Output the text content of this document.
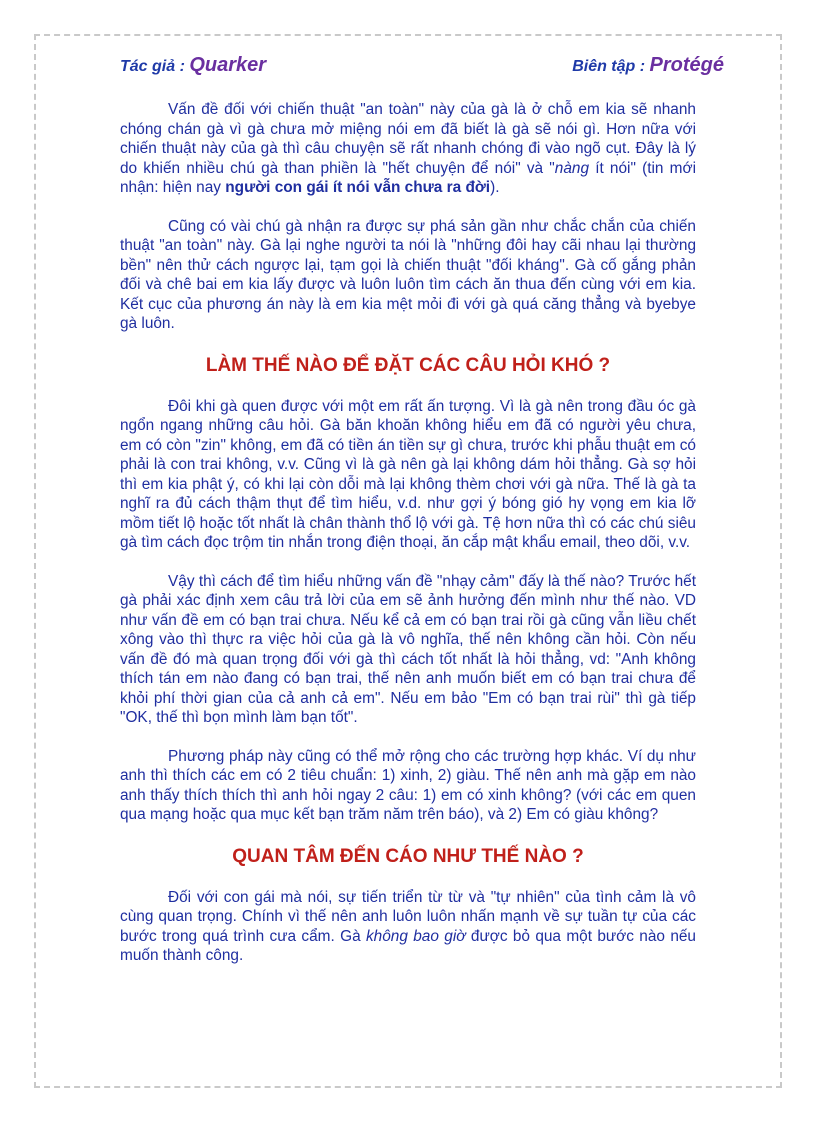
Tác giả : Quarker	Biên tập : Protégé

Vấn đề đối với chiến thuật "an toàn" này của gà là ở chỗ em kia sẽ nhanh chóng chán gà vì gà chưa mở miệng nói em đã biết là gà sẽ nói gì. Hơn nữa với chiến thuật này của gà thì câu chuyện sẽ rất nhanh chóng đi vào ngõ cụt. Đây là lý do khiến nhiều chú gà than phiền là "hết chuyện để nói" và "nàng ít nói" (tin mới nhận: hiện nay người con gái ít nói vẫn chưa ra đời).

Cũng có vài chú gà nhận ra được sự phá sản gần như chắc chắn của chiến thuật "an toàn" này. Gà lại nghe người ta nói là "những đôi hay cãi nhau lại thường bền" nên thử cách ngược lại, tạm gọi là chiến thuật "đối kháng". Gà cố gắng phản đối và chê bai em kia lấy được và luôn luôn tìm cách ăn thua đến cùng với em kia. Kết cục của phương án này là em kia mệt mỏi đi với gà quá căng thẳng và byebye gà luôn.

LÀM THẾ NÀO ĐỂ ĐẶT CÁC CÂU HỎI KHÓ ?

Đôi khi gà quen được với một em rất ấn tượng. Vì là gà nên trong đầu óc gà ngổn ngang những câu hỏi. Gà băn khoăn không hiểu em đã có người yêu chưa, em có còn "zin" không, em đã có tiền án tiền sự gì chưa, trước khi phẫu thuật em có phải là con trai không, v.v. Cũng vì là gà nên gà lại không dám hỏi thẳng. Gà sợ hỏi thì em kia phật ý, có khi lại còn dỗi mà lại không thèm chơi với gà nữa. Thế là gà ta nghĩ ra đủ cách thậm thụt để tìm hiểu, v.d. như gợi ý bóng gió hy vọng em kia lỡ mồm tiết lộ hoặc tốt nhất là chân thành thổ lộ với gà. Tệ hơn nữa thì có các chú siêu gà tìm cách đọc trộm tin nhắn trong điện thoại, ăn cắp mật khẩu email, theo dõi, v.v.

Vậy thì cách để tìm hiểu những vấn đề "nhạy cảm" đấy là thế nào? Trước hết gà phải xác định xem câu trả lời của em sẽ ảnh hưởng đến mình như thế nào. VD như vấn đề em có bạn trai chưa. Nếu kể cả em có bạn trai rồi gà cũng vẫn liều chết xông vào thì thực ra việc hỏi của gà là vô nghĩa, thế nên không cần hỏi. Còn nếu vấn đề đó mà quan trọng đối với gà thì cách tốt nhất là hỏi thẳng, vd: "Anh không thích tán em nào đang có bạn trai, thế nên anh muốn biết em có bạn trai chưa để khỏi phí thời gian của cả anh cả em". Nếu em bảo "Em có bạn trai rùi" thì gà tiếp "OK, thế thì bọn mình làm bạn tốt".

Phương pháp này cũng có thể mở rộng cho các trường hợp khác. Ví dụ như anh thì thích các em có 2 tiêu chuẩn: 1) xinh, 2) giàu. Thế nên anh mà gặp em nào anh thấy thích thích thì anh hỏi ngay 2 câu: 1) em có xinh không? (với các em quen qua mạng hoặc qua mục kết bạn trăm năm trên báo), và 2) Em có giàu không?

QUAN TÂM ĐẾN CÁO NHƯ THẾ NÀO ?

Đối với con gái mà nói, sự tiến triển từ từ và "tự nhiên" của tình cảm là vô cùng quan trọng. Chính vì thế nên anh luôn luôn nhấn mạnh về sự tuần tự của các bước trong quá trình cưa cẩm. Gà không bao giờ được bỏ qua một bước nào nếu muốn thành công.
